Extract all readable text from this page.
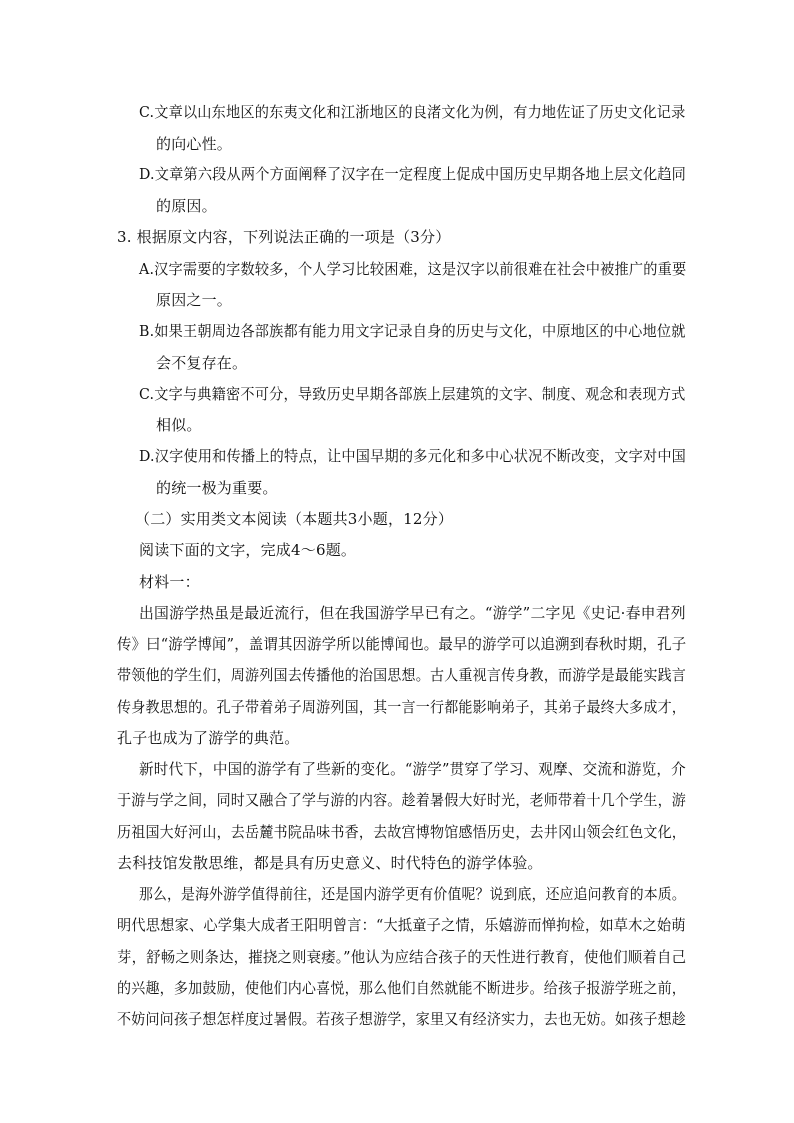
C.文章以山东地区的东夷文化和江浙地区的良渚文化为例，有力地佐证了历史文化记录
的向心性。
D.文章第六段从两个方面阐释了汉字在一定程度上促成中国历史早期各地上层文化趋同
的原因。
3. 根据原文内容，下列说法正确的一项是（3分）
A.汉字需要的字数较多，个人学习比较困难，这是汉字以前很难在社会中被推广的重要
原因之一。
B.如果王朝周边各部族都有能力用文字记录自身的历史与文化，中原地区的中心地位就
会不复存在。
C.文字与典籍密不可分，导致历史早期各部族上层建筑的文字、制度、观念和表现方式
相似。
D.汉字使用和传播上的特点，让中国早期的多元化和多中心状况不断改变，文字对中国
的统一极为重要。
（二）实用类文本阅读（本题共3小题，12分）
阅读下面的文字，完成4～6题。
材料一：
出国游学热虽是最近流行，但在我国游学早已有之。“游学”二字见《史记·春申君列
传》曰“游学博闻”，盖谓其因游学所以能博闻也。最早的游学可以追溯到春秋时期，孔子
带领他的学生们，周游列国去传播他的治国思想。古人重视言传身教，而游学是最能实践言
传身教思想的。孔子带着弟子周游列国，其一言一行都能影响弟子，其弟子最终大多成才，
孔子也成为了游学的典范。
新时代下，中国的游学有了些新的变化。“游学”贯穿了学习、观摩、交流和游览，介
于游与学之间，同时又融合了学与游的内容。趁着暑假大好时光，老师带着十几个学生，游
历祖国大好河山，去岳麓书院品味书香，去故宫博物馆感悟历史，去井冈山领会红色文化，
去科技馆发散思维，都是具有历史意义、时代特色的游学体验。
那么，是海外游学值得前往，还是国内游学更有价值呢？说到底，还应追问教育的本质。
明代思想家、心学集大成者王阳明曾言：“大抵童子之情，乐嬉游而惮拘检，如草木之始萌
芽，舒畅之则条达，摧挠之则衰痿。”他认为应结合孩子的天性进行教育，使他们顺着自己
的兴趣，多加鼓励，使他们内心喜悦，那么他们自然就能不断进步。给孩子报游学班之前，
不妨问问孩子想怎样度过暑假。若孩子想游学，家里又有经济实力，去也无妨。如孩子想趁
